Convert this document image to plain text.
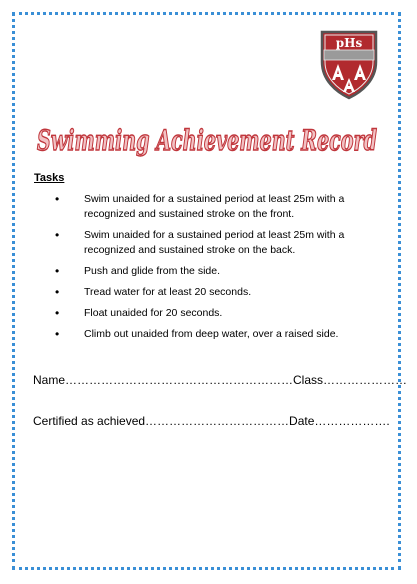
pHs
Swimming Achievement Record
Tasks
• Swim unaided for a sustained period at least 25m with a recognized and sustained stroke on the front.
• Swim unaided for a sustained period at least 25m with a recognized and sustained stroke on the back.
• Push and glide from the side.
• Tread water for at least 20 seconds.
• Float unaided for 20 seconds.
• Climb out unaided from deep water, over a raised side.
Name…………………………………………………Class…………………
Certified as achieved………………………………Date……………….
